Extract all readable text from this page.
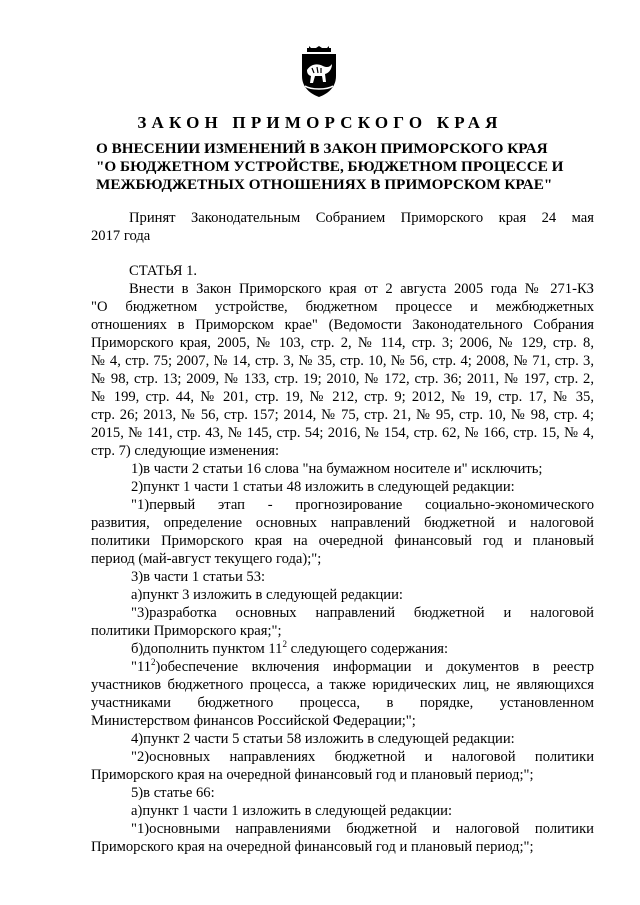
ЗАКОН ПРИМОРСКОГО КРАЯ
О ВНЕСЕНИИ ИЗМЕНЕНИЙ В ЗАКОН ПРИМОРСКОГО КРАЯ
"О БЮДЖЕТНОМ УСТРОЙСТВЕ, БЮДЖЕТНОМ ПРОЦЕССЕ И
МЕЖБЮДЖЕТНЫХ ОТНОШЕНИЯХ В ПРИМОРСКОМ КРАЕ"
Принят Законодательным Собранием Приморского края 24 мая
2017 года
СТАТЬЯ 1.
Внести в Закон Приморского края от 2 августа 2005 года № 271-КЗ
"О бюджетном устройстве, бюджетном процессе и межбюджетных
отношениях в Приморском крае" (Ведомости Законодательного Собрания
Приморского края, 2005, № 103, стр. 2, № 114, стр. 3; 2006, № 129, стр. 8,
№ 4, стр. 75; 2007, № 14, стр. 3, № 35, стр. 10, № 56, стр. 4; 2008, № 71, стр. 3,
№ 98, стр. 13; 2009, № 133, стр. 19; 2010, № 172, стр. 36; 2011, № 197, стр. 2,
№ 199, стр. 44, № 201, стр. 19, № 212, стр. 9; 2012, № 19, стр. 17, № 35,
стр. 26; 2013, № 56, стр. 157; 2014, № 75, стр. 21, № 95, стр. 10, № 98, стр. 4;
2015, № 141, стр. 43, № 145, стр. 54; 2016, № 154, стр. 62, № 166, стр. 15, № 4,
стр. 7) следующие изменения:
1)в части 2 статьи 16 слова "на бумажном носителе и" исключить;
2)пункт 1 части 1 статьи 48 изложить в следующей редакции:
"1)первый этап - прогнозирование социально-экономического
развития, определение основных направлений бюджетной и налоговой
политики Приморского края на очередной финансовый год и плановый
период (май-август текущего года);";
3)в части 1 статьи 53:
а)пункт 3 изложить в следующей редакции:
"3)разработка основных направлений бюджетной и налоговой
политики Приморского края;";
б)дополнить пунктом $11^2$ следующего содержания:
"$11^2)обеспечение$ включения информации и документов в реестр
участников бюджетного процесса, а также юридических лиц, не являющихся
участниками бюджетного процесса, в порядке, установленном
Министерством финансов Российской Федерации;";
4)пункт 2 части 5 статьи 58 изложить в следующей редакции:
"2)основных направлениях бюджетной и налоговой политики
Приморского края на очередной финансовый год и плановый период;";
5)в статье 66:
а)пункт 1 части 1 изложить в следующей редакции:
"1)основными направлениями бюджетной и налоговой политики
Приморского края на очередной финансовый год и плановый период;";
